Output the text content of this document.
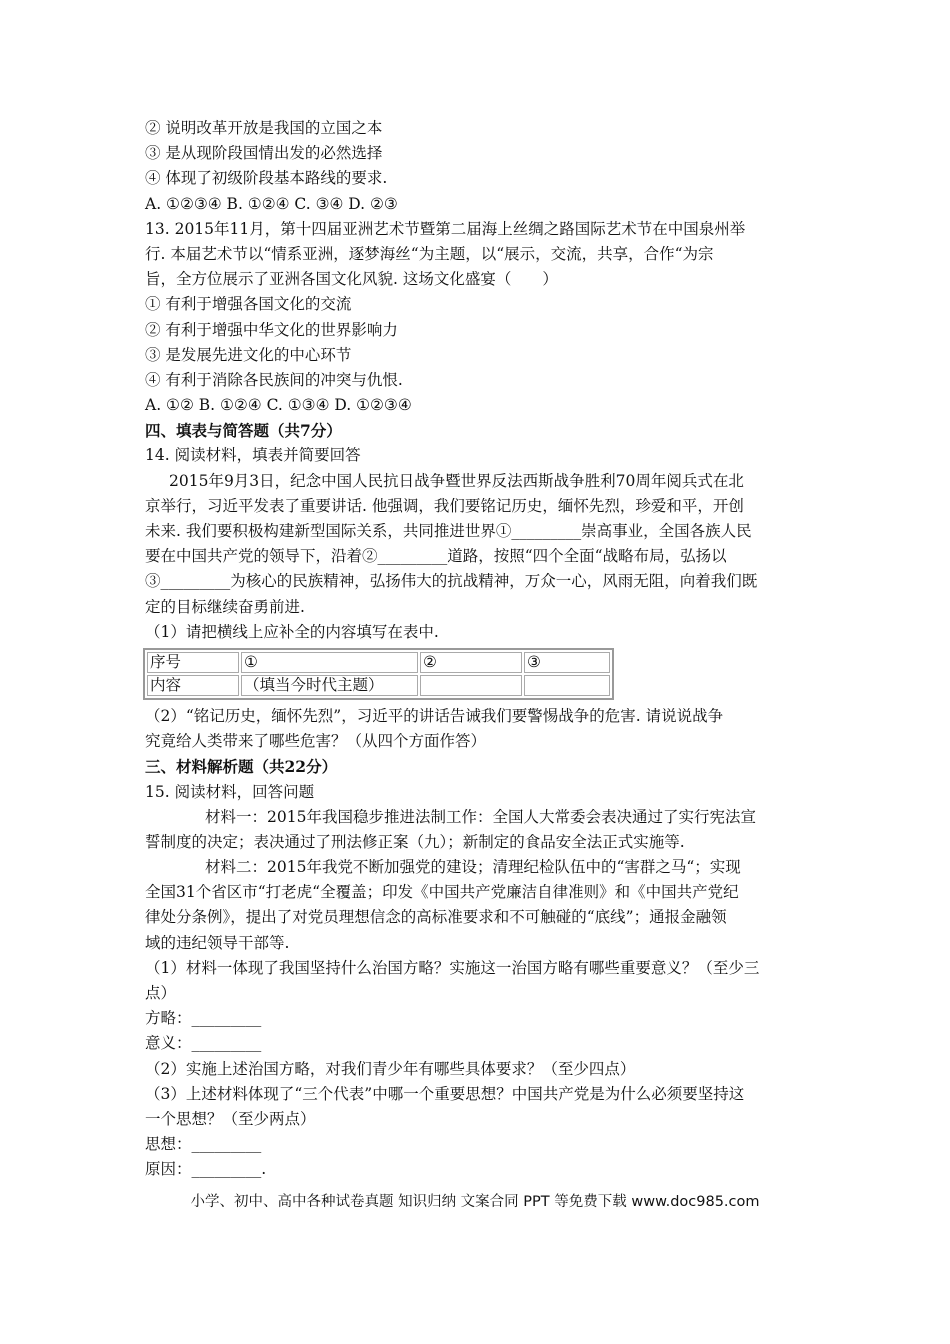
② 说明改革开放是我国的立国之本
③ 是从现阶段国情出发的必然选择
④ 体现了初级阶段基本路线的要求.
A. ①②③④ B. ①②④ C. ③④ D. ②③
13. 2015年11月，第十四届亚洲艺术节暨第二届海上丝绸之路国际艺术节在中国泉州举
行. 本届艺术节以“情系亚洲，逐梦海丝“为主题，以“展示，交流，共享，合作“为宗
旨，全方位展示了亚洲各国文化风貌. 这场文化盛宴（　　）
① 有利于增强各国文化的交流
② 有利于增强中华文化的世界影响力
③ 是发展先进文化的中心环节
④ 有利于消除各民族间的冲突与仇恨.
A. ①② B. ①②④ C. ①③④ D. ①②③④
四、填表与简答题（共7分）
14. 阅读材料，填表并简要回答
2015年9月3日，纪念中国人民抗日战争暨世界反法西斯战争胜利70周年阅兵式在北
京举行，习近平发表了重要讲话. 他强调，我们要铭记历史，缅怀先烈，珍爱和平，开创
未来. 我们要积极构建新型国际关系，共同推进世界①_________崇高事业，全国各族人民
要在中国共产党的领导下，沿着②_________道路，按照“四个全面“战略布局，弘扬以
③_________为核心的民族精神，弘扬伟大的抗战精神，万众一心，风雨无阻，向着我们既
定的目标继续奋勇前进.
（1）请把横线上应补全的内容填写在表中.
序号	①	②	③
内容	（填当今时代主题）		
（2）“铭记历史，缅怀先烈”，习近平的讲话告诫我们要警惕战争的危害. 请说说战争
究竟给人类带来了哪些危害？（从四个方面作答）
三、材料解析题（共22分）
15. 阅读材料，回答问题
材料一：2015年我国稳步推进法制工作：全国人大常委会表决通过了实行宪法宣
誓制度的决定；表决通过了刑法修正案（九）；新制定的食品安全法正式实施等.
材料二：2015年我党不断加强党的建设；清理纪检队伍中的“害群之马“；实现
全国31个省区市“打老虎“全覆盖；印发《中国共产党廉洁自律准则》和《中国共产党纪
律处分条例》，提出了对党员理想信念的高标准要求和不可触碰的“底线”；通报金融领
域的违纪领导干部等.
（1）材料一体现了我国坚持什么治国方略？实施这一治国方略有哪些重要意义？（至少三
点）
方略：_________
意义：_________
（2）实施上述治国方略，对我们青少年有哪些具体要求？（至少四点）
（3）上述材料体现了“三个代表”中哪一个重要思想？中国共产党是为什么必须要坚持这
一个思想？（至少两点）
思想：_________
原因：_________.
小学、初中、高中各种试卷真题 知识归纳 文案合同 PPT 等免费下载 www.doc985.com
